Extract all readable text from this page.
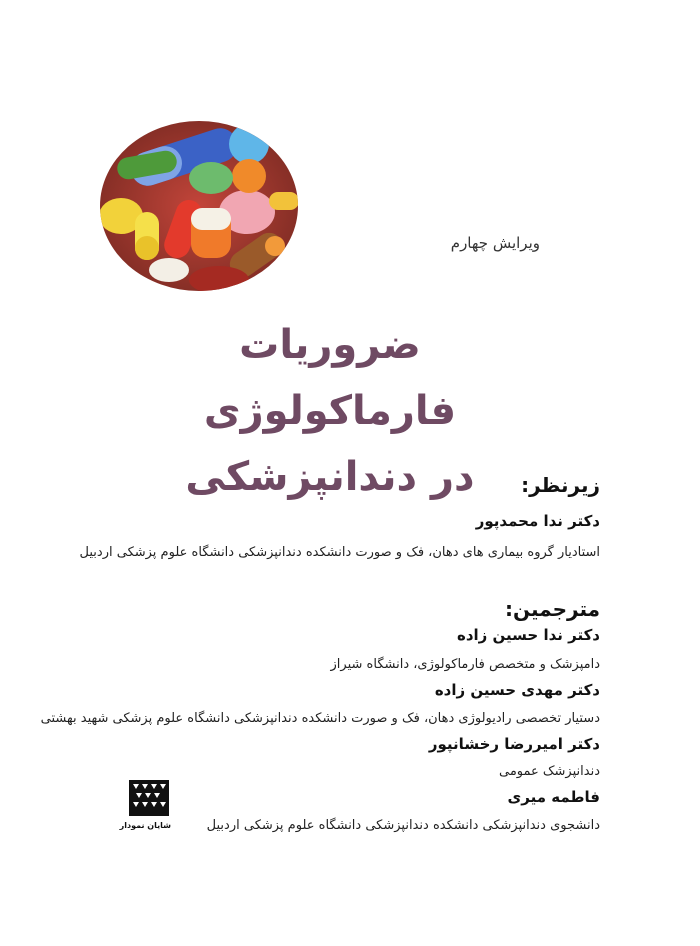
ویرایش چهارم
ضروریات فارماکولوژی
در دندانپزشکی	زیرنظر:
دکتر ندا محمدپور
استادیار گروه بیماری های دهان، فک و صورت دانشکده دندانپزشکی دانشگاه علوم پزشکی اردبیل
مترجمین:
دکتر ندا حسین زاده
دامپزشک و متخصص فارماکولوژی، دانشگاه شیراز
دکتر مهدی حسین زاده
دستیار تخصصی رادیولوژی دهان، فک و صورت دانشکده دندانپزشکی دانشگاه علوم پزشکی شهید بهشتی
دکتر امیررضا رخشانپور
دندانپزشک عمومی
فاطمه میری
دانشجوی دندانپزشکی دانشکده دندانپزشکی دانشگاه علوم پزشکی اردبیل
شایان نمودار
